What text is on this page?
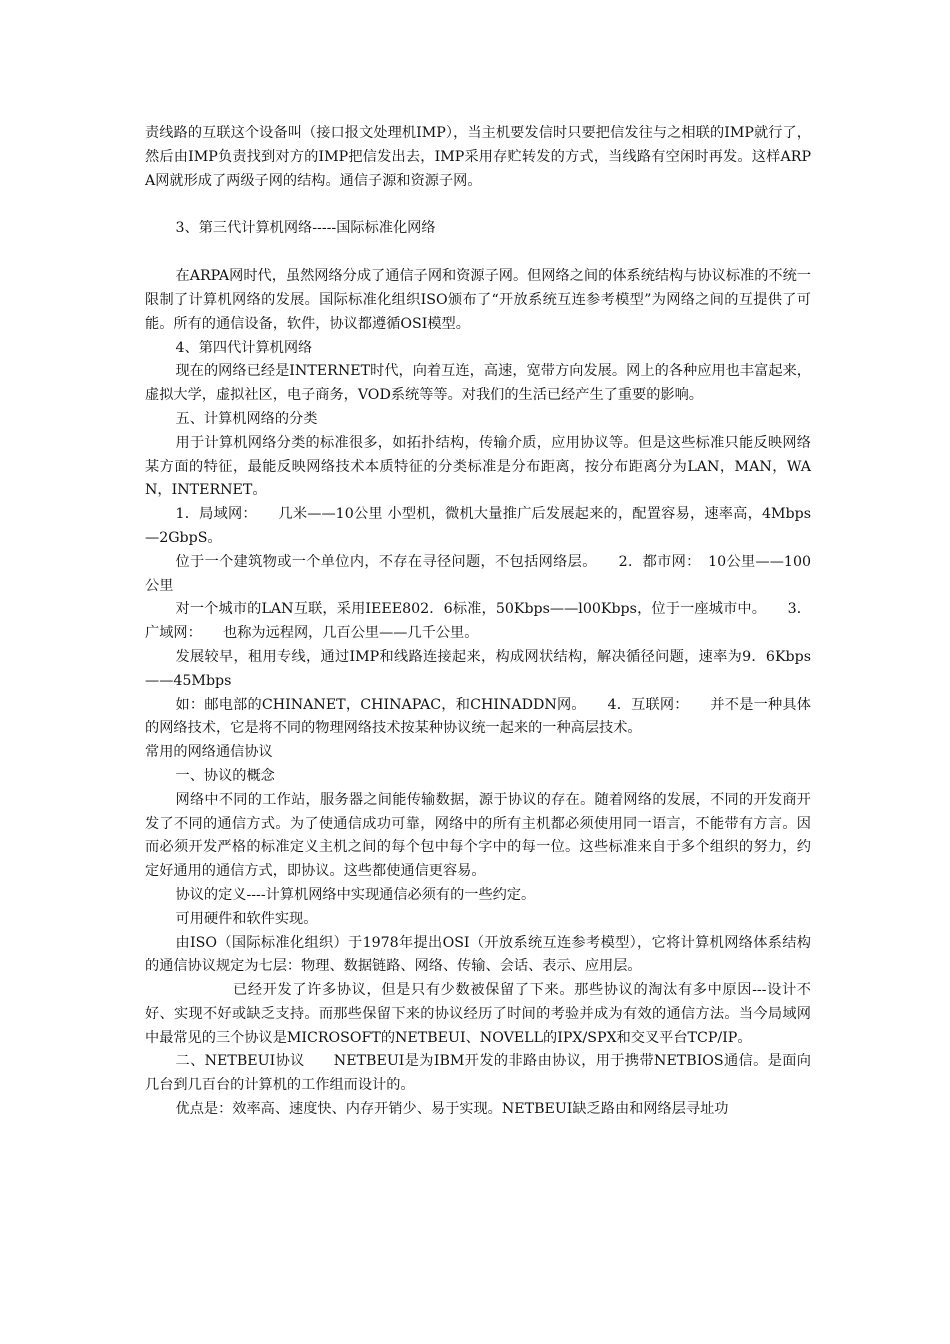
责线路的互联这个设备叫（接口报文处理机IMP），当主机要发信时只要把信发往与之相联的IMP就行了，然后由IMP负责找到对方的IMP把信发出去，IMP采用存贮转发的方式，当线路有空闲时再发。这样ARPA网就形成了两级子网的结构。通信子源和资源子网。

3、第三代计算机网络-----国际标准化网络

在ARPA网时代，虽然网络分成了通信子网和资源子网。但网络之间的体系统结构与协议标准的不统一限制了计算机网络的发展。国际标准化组织ISO颁布了“开放系统互连参考模型”为网络之间的互提供了可能。所有的通信设备，软件，协议都遵循OSI模型。

4、第四代计算机网络

现在的网络已经是INTERNET时代，向着互连，高速，宽带方向发展。网上的各种应用也丰富起来，虚拟大学，虚拟社区，电子商务，VOD系统等等。对我们的生活已经产生了重要的影响。

五、计算机网络的分类

用于计算机网络分类的标准很多，如拓扑结构，传输介质，应用协议等。但是这些标准只能反映网络某方面的特征，最能反映网络技术本质特征的分类标准是分布距离，按分布距离分为LAN，MAN，WAN，INTERNET。

1．局域网：　　几米——10公里 小型机，微机大量推广后发展起来的，配置容易，速率高，4Mbps—2GbpS。

位于一个建筑物或一个单位内，不存在寻径问题，不包括网络层。　　2．都市网：　10公里——100公里

对一个城市的LAN互联，采用IEEE802．6标准，50Kbps——l00Kbps，位于一座城市中。　　3．广域网：　　也称为远程网，几百公里——几千公里。

发展较早，租用专线，通过IMP和线路连接起来，构成网状结构，解决循径问题，速率为9．6Kbps——45Mbps

如：邮电部的CHINANET，CHINAPAC，和CHINADDN网。　　4．互联网：　　并不是一种具体的网络技术，它是将不同的物理网络技术按某种协议统一起来的一种高层技术。

常用的网络通信协议

一、协议的概念

网络中不同的工作站，服务器之间能传输数据，源于协议的存在。随着网络的发展，不同的开发商开发了不同的通信方式。为了使通信成功可靠，网络中的所有主机都必须使用同一语言，不能带有方言。因而必须开发严格的标准定义主机之间的每个包中每个字中的每一位。这些标准来自于多个组织的努力，约定好通用的通信方式，即协议。这些都使通信更容易。

协议的定义----计算机网络中实现通信必须有的一些约定。

可用硬件和软件实现。

由ISO（国际标准化组织）于1978年提出OSI（开放系统互连参考模型），它将计算机网络体系结构的通信协议规定为七层：物理、数据链路、网络、传输、会话、表示、应用层。

已经开发了许多协议，但是只有少数被保留了下来。那些协议的淘汰有多中原因---设计不好、实现不好或缺乏支持。而那些保留下来的协议经历了时间的考验并成为有效的通信方法。当今局域网中最常见的三个协议是MICROSOFT的NETBEUI、NOVELL的IPX/SPX和交叉平台TCP/IP。

二、NETBEUI协议　　NETBEUI是为IBM开发的非路由协议，用于携带NETBIOS通信。是面向几台到几百台的计算机的工作组而设计的。

优点是：效率高、速度快、内存开销少、易于实现。NETBEUI缺乏路由和网络层寻址功
